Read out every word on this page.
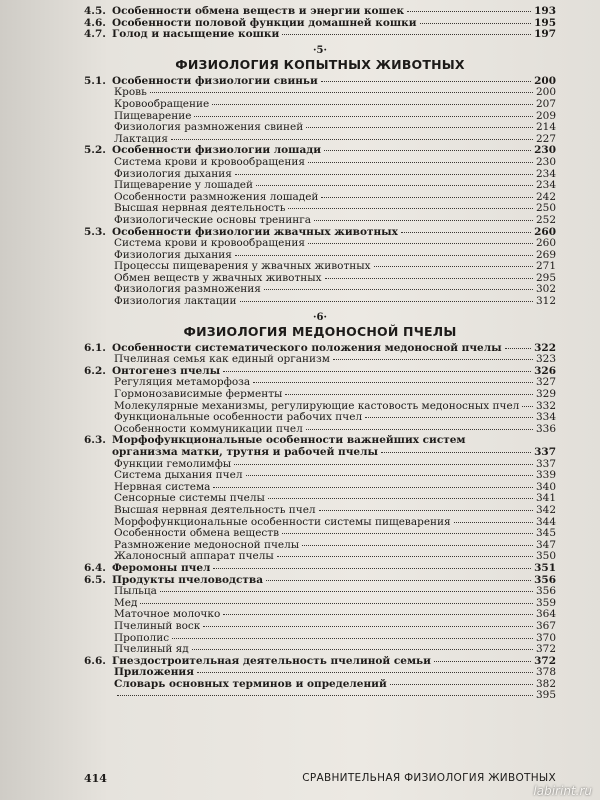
4.5. Особенности обмена веществ и энергии кошек	193
4.6. Особенности половой функции домашней кошки	195
4.7. Голод и насыщение кошки	197
·5·
ФИЗИОЛОГИЯ КОПЫТНЫХ ЖИВОТНЫХ
5.1. Особенности физиологии свиньи	200
Кровь	200
Кровообращение	207
Пищеварение	209
Физиология размножения свиней	214
Лактация	227
5.2. Особенности физиологии лошади	230
Система крови и кровообращения	230
Физиология дыхания	234
Пищеварение у лошадей	234
Особенности размножения лошадей	242
Высшая нервная деятельность	250
Физиологические основы тренинга	252
5.3. Особенности физиологии жвачных животных	260
Система крови и кровообращения	260
Физиология дыхания	269
Процессы пищеварения у жвачных животных	271
Обмен веществ у жвачных животных	295
Физиология размножения	302
Физиология лактации	312
·6·
ФИЗИОЛОГИЯ МЕДОНОСНОЙ ПЧЕЛЫ
6.1. Особенности систематического положения медоносной пчелы	322
Пчелиная семья как единый организм	323
6.2. Онтогенез пчелы	326
Регуляция метаморфоза	327
Гормонозависимые ферменты	329
Молекулярные механизмы, регулирующие кастовость медоносных пчел 332
Функциональные особенности рабочих пчел	334
Особенности коммуникации пчел	336
6.3. Морфофункциональные особенности важнейших систем
организма матки, трутня и рабочей пчелы	337
Функции гемолимфы	337
Система дыхания пчел	339
Нервная система	340
Сенсорные системы пчелы	341
Высшая нервная деятельность пчел	342
Морфофункциональные особенности системы пищеварения	344
Особенности обмена веществ	345
Размножение медоносной пчелы	347
Жалоносный аппарат пчелы	350
6.4. Феромоны пчел	351
6.5. Продукты пчеловодства	356
Пыльца	356
Мед	359
Маточное молочко	364
Пчелиный воск	367
Прополис	370
Пчелиный яд	372
6.6. Гнездостроительная деятельность пчелиной семьи	372
Приложения	378
Словарь основных терминов и определений	382
395
414	СРАВНИТЕЛЬНАЯ ФИЗИОЛОГИЯ ЖИВОТНЫХ
labirint.ru
